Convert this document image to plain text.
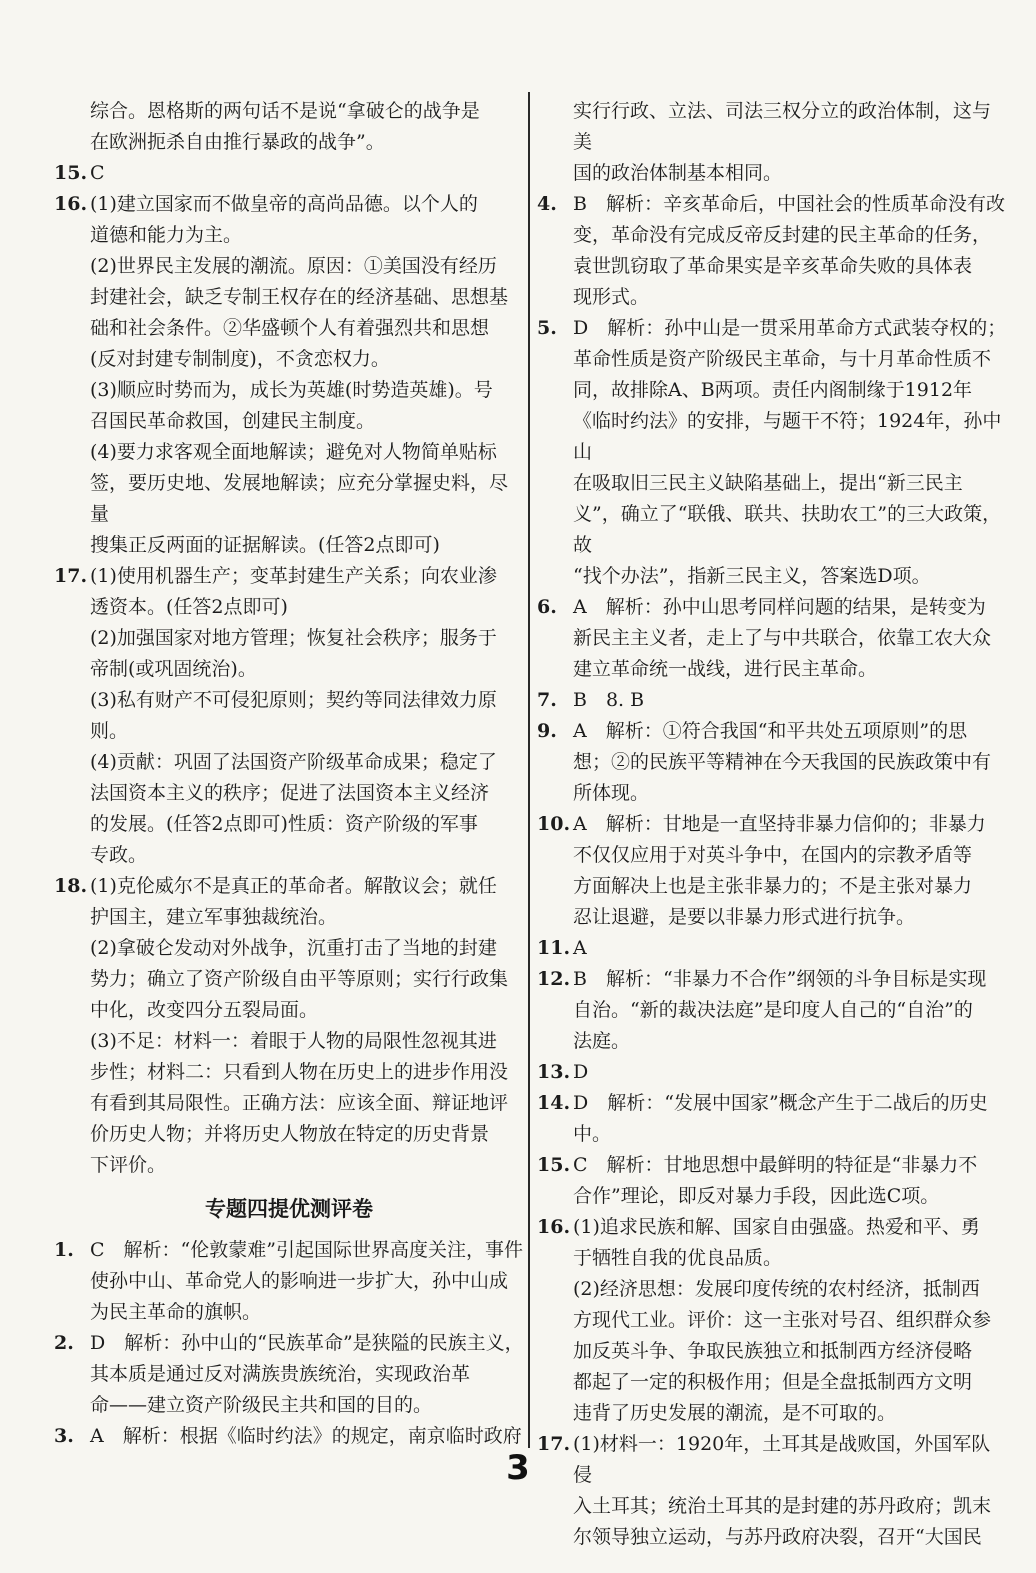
综合。恩格斯的两句话不是说“拿破仑的战争是
在欧洲扼杀自由推行暴政的战争”。
15. C
16. (1)建立国家而不做皇帝的高尚品德。以个人的
道德和能力为主。
(2)世界民主发展的潮流。原因：①美国没有经历
封建社会，缺乏专制王权存在的经济基础、思想基
础和社会条件。②华盛顿个人有着强烈共和思想
(反对封建专制制度)，不贪恋权力。
(3)顺应时势而为，成长为英雄(时势造英雄)。号
召国民革命救国，创建民主制度。
(4)要力求客观全面地解读；避免对人物简单贴标
签，要历史地、发展地解读；应充分掌握史料，尽量
搜集正反两面的证据解读。(任答2点即可)
17. (1)使用机器生产；变革封建生产关系；向农业渗
透资本。(任答2点即可)
(2)加强国家对地方管理；恢复社会秩序；服务于
帝制(或巩固统治)。
(3)私有财产不可侵犯原则；契约等同法律效力原
则。
(4)贡献：巩固了法国资产阶级革命成果；稳定了
法国资本主义的秩序；促进了法国资本主义经济
的发展。(任答2点即可)性质：资产阶级的军事
专政。
18. (1)克伦威尔不是真正的革命者。解散议会；就任
护国主，建立军事独裁统治。
(2)拿破仑发动对外战争，沉重打击了当地的封建
势力；确立了资产阶级自由平等原则；实行行政集
中化，改变四分五裂局面。
(3)不足：材料一：着眼于人物的局限性忽视其进
步性；材料二：只看到人物在历史上的进步作用没
有看到其局限性。正确方法：应该全面、辩证地评
价历史人物；并将历史人物放在特定的历史背景
下评价。
专题四提优测评卷
1. C　解析：“伦敦蒙难”引起国际世界高度关注，事件
使孙中山、革命党人的影响进一步扩大，孙中山成
为民主革命的旗帜。
2. D　解析：孙中山的“民族革命”是狭隘的民族主义，
其本质是通过反对满族贵族统治，实现政治革
命——建立资产阶级民主共和国的目的。
3. A　解析：根据《临时约法》的规定，南京临时政府
实行行政、立法、司法三权分立的政治体制，这与美
国的政治体制基本相同。
4. B　解析：辛亥革命后，中国社会的性质革命没有改
变，革命没有完成反帝反封建的民主革命的任务，
袁世凯窃取了革命果实是辛亥革命失败的具体表
现形式。
5. D　解析：孙中山是一贯采用革命方式武装夺权的；
革命性质是资产阶级民主革命，与十月革命性质不
同，故排除A、B两项。责任内阁制缘于1912年
《临时约法》的安排，与题干不符；1924年，孙中山
在吸取旧三民主义缺陷基础上，提出“新三民主
义”，确立了“联俄、联共、扶助农工”的三大政策，故
“找个办法”，指新三民主义，答案选D项。
6. A　解析：孙中山思考同样问题的结果，是转变为
新民主主义者，走上了与中共联合，依靠工农大众
建立革命统一战线，进行民主革命。
7. B　8. B
9. A　解析：①符合我国“和平共处五项原则”的思
想；②的民族平等精神在今天我国的民族政策中有
所体现。
10. A　解析：甘地是一直坚持非暴力信仰的；非暴力
不仅仅应用于对英斗争中，在国内的宗教矛盾等
方面解决上也是主张非暴力的；不是主张对暴力
忍让退避，是要以非暴力形式进行抗争。
11. A
12. B　解析：“非暴力不合作”纲领的斗争目标是实现
自治。“新的裁决法庭”是印度人自己的“自治”的
法庭。
13. D
14. D　解析：“发展中国家”概念产生于二战后的历史
中。
15. C　解析：甘地思想中最鲜明的特征是“非暴力不
合作”理论，即反对暴力手段，因此选C项。
16. (1)追求民族和解、国家自由强盛。热爱和平、勇
于牺牲自我的优良品质。
(2)经济思想：发展印度传统的农村经济，抵制西
方现代工业。评价：这一主张对号召、组织群众参
加反英斗争、争取民族独立和抵制西方经济侵略
都起了一定的积极作用；但是全盘抵制西方文明
违背了历史发展的潮流，是不可取的。
17. (1)材料一：1920年，土耳其是战败国，外国军队侵
入土耳其；统治土耳其的是封建的苏丹政府；凯末
尔领导独立运动，与苏丹政府决裂，召开“大国民
3
